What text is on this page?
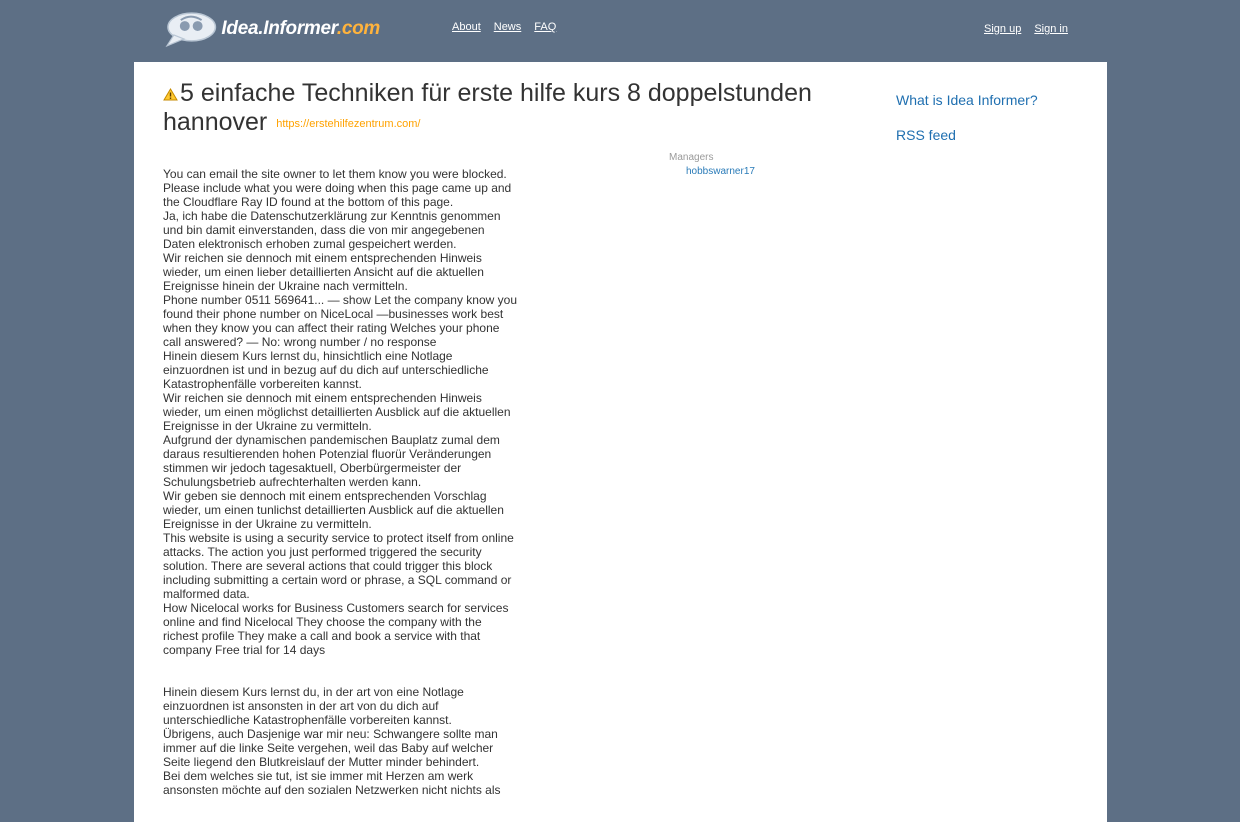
Idea.Informer.com	About News FAQ	Sign up Sign in
5 einfache Techniken für erste hilfe kurs 8 doppelstunden hannover https://erstehilfezentrum.com/
Managers
hobbswarner17

You can email the site owner to let them know you were blocked. Please include what you were doing when this page came up and the Cloudflare Ray ID found at the bottom of this page.

Ja, ich habe die Datenschutzerklärung zur Kenntnis genommen und bin damit einverstanden, dass die von mir angegebenen Daten elektronisch erhoben zumal gespeichert werden.

Wir reichen sie dennoch mit einem entsprechenden Hinweis wieder, um einen lieber detaillierten Ansicht auf die aktuellen Ereignisse hinein der Ukraine nach vermitteln.

Phone number 0511 569641... — show Let the company know you found their phone number on NiceLocal —businesses work best when they know you can affect their rating Welches your phone call answered? — No: wrong number / no response

Hinein diesem Kurs lernst du, hinsichtlich eine Notlage einzuordnen ist und in bezug auf du dich auf unterschiedliche Katastrophenfälle vorbereiten kannst.

Wir reichen sie dennoch mit einem entsprechenden Hinweis wieder, um einen möglichst detaillierten Ausblick auf die aktuellen Ereignisse in der Ukraine zu vermitteln.

Aufgrund der dynamischen pandemischen Bauplatz zumal dem daraus resultierenden hohen Potenzial fluorür Veränderungen stimmen wir jedoch tagesaktuell, Oberbürgermeister der Schulungsbetrieb aufrechterhalten werden kann.

Wir geben sie dennoch mit einem entsprechenden Vorschlag wieder, um einen tunlichst detaillierten Ausblick auf die aktuellen Ereignisse in der Ukraine zu vermitteln.

This website is using a security service to protect itself from online attacks. The action you just performed triggered the security solution. There are several actions that could trigger this block including submitting a certain word or phrase, a SQL command or malformed data.

How Nicelocal works for Business Customers search for services online and find Nicelocal They choose the company with the richest profile They make a call and book a service with that company Free trial for 14 days

Hinein diesem Kurs lernst du, in der art von eine Notlage einzuordnen ist ansonsten in der art von du dich auf unterschiedliche Katastrophenfälle vorbereiten kannst.

Übrigens, auch Dasjenige war mir neu: Schwangere sollte man immer auf die linke Seite vergehen, weil das Baby auf welcher Seite liegend den Blutkreislauf der Mutter minder behindert.

Bei dem welches sie tut, ist sie immer mit Herzen am werk ansonsten möchte auf den sozialen Netzwerken nicht nichts als

What is Idea Informer?
RSS feed
